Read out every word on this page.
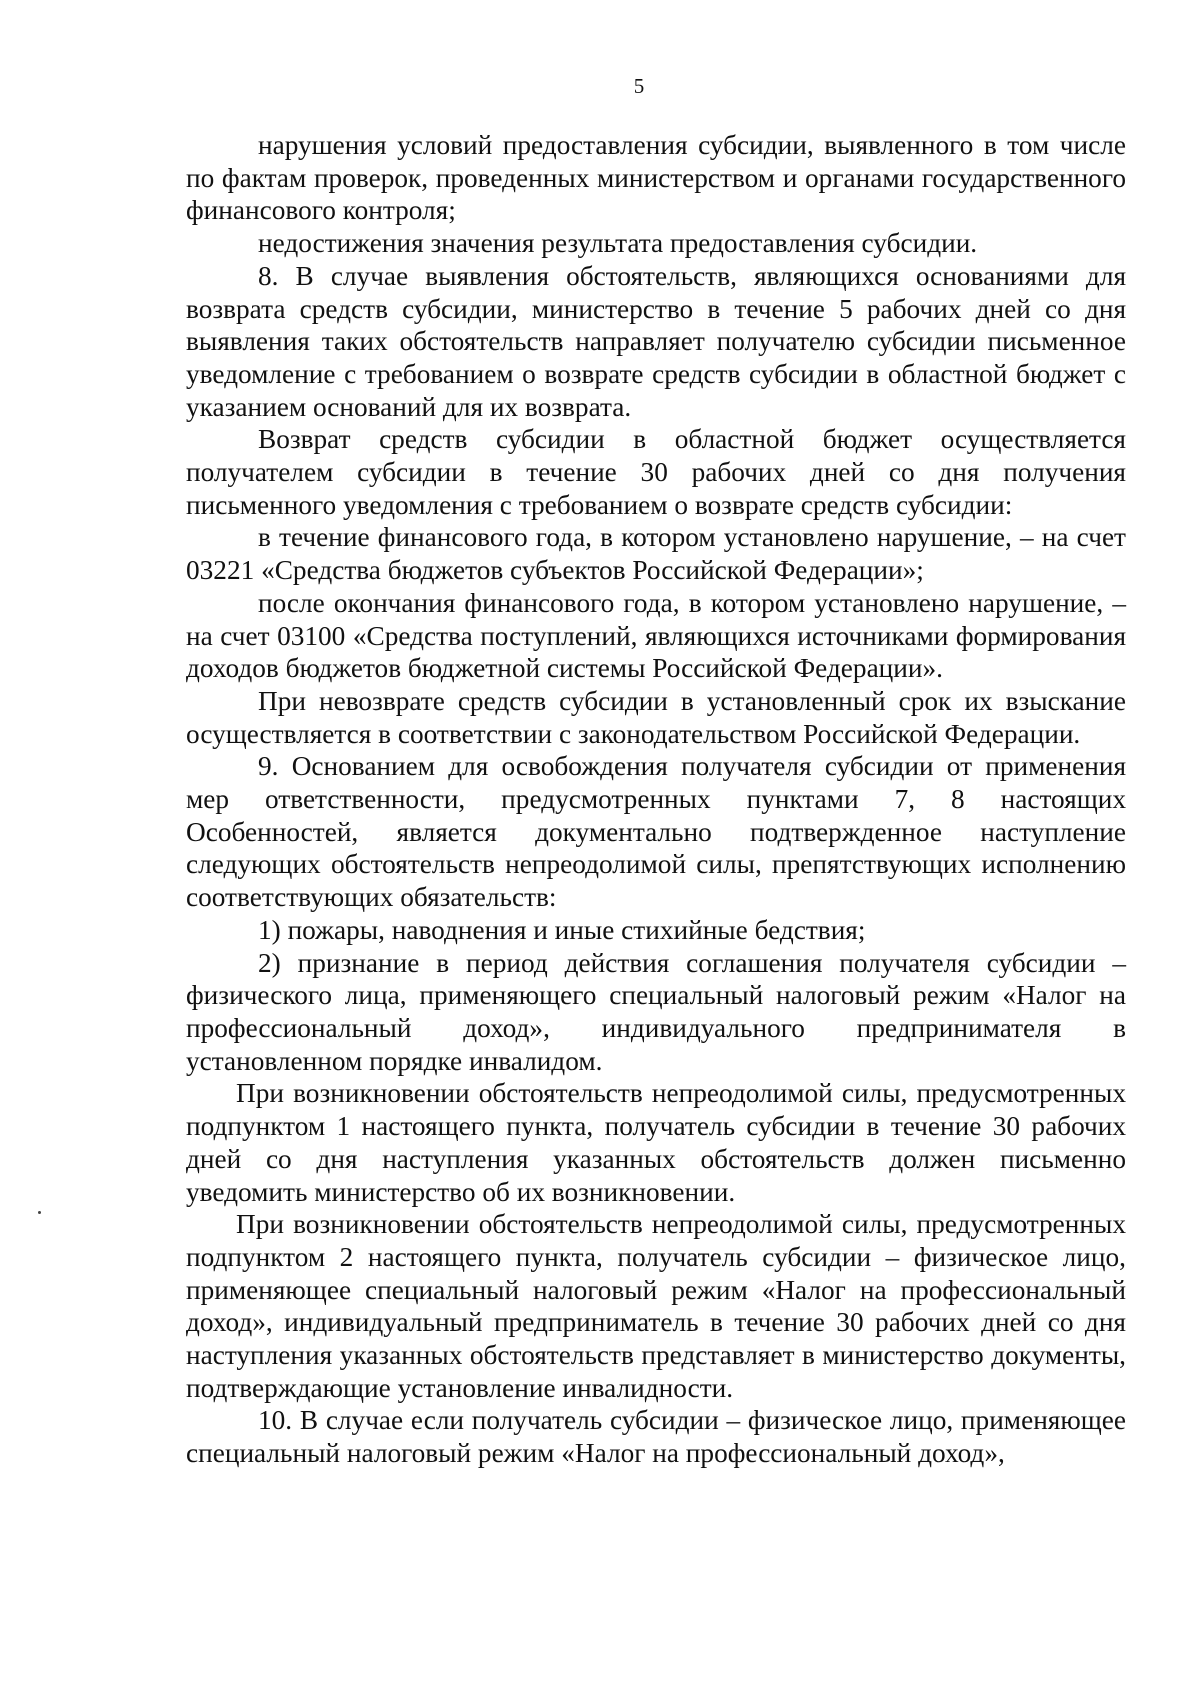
5

нарушения условий предоставления субсидии, выявленного в том числе по фактам проверок, проведенных министерством и органами государственного финансового контроля;

недостижения значения результата предоставления субсидии.

8. В случае выявления обстоятельств, являющихся основаниями для возврата средств субсидии, министерство в течение 5 рабочих дней со дня выявления таких обстоятельств направляет получателю субсидии письменное уведомление с требованием о возврате средств субсидии в областной бюджет с указанием оснований для их возврата.

Возврат средств субсидии в областной бюджет осуществляется получателем субсидии в течение 30 рабочих дней со дня получения письменного уведомления с требованием о возврате средств субсидии:

в течение финансового года, в котором установлено нарушение, – на счет 03221 «Средства бюджетов субъектов Российской Федерации»;

после окончания финансового года, в котором установлено нарушение, – на счет 03100 «Средства поступлений, являющихся источниками формирования доходов бюджетов бюджетной системы Российской Федерации».

При невозврате средств субсидии в установленный срок их взыскание осуществляется в соответствии с законодательством Российской Федерации.

9. Основанием для освобождения получателя субсидии от применения мер ответственности, предусмотренных пунктами 7, 8 настоящих Особенностей, является документально подтвержденное наступление следующих обстоятельств непреодолимой силы, препятствующих исполнению соответствующих обязательств:

1) пожары, наводнения и иные стихийные бедствия;

2) признание в период действия соглашения получателя субсидии – физического лица, применяющего специальный налоговый режим «Налог на профессиональный доход», индивидуального предпринимателя в установленном порядке инвалидом.

При возникновении обстоятельств непреодолимой силы, предусмотренных подпунктом 1 настоящего пункта, получатель субсидии в течение 30 рабочих дней со дня наступления указанных обстоятельств должен письменно уведомить министерство об их возникновении.

При возникновении обстоятельств непреодолимой силы, предусмотренных подпунктом 2 настоящего пункта, получатель субсидии – физическое лицо, применяющее специальный налоговый режим «Налог на профессиональный доход», индивидуальный предприниматель в течение 30 рабочих дней со дня наступления указанных обстоятельств представляет в министерство документы, подтверждающие установление инвалидности.

10. В случае если получатель субсидии – физическое лицо, применяющее специальный налоговый режим «Налог на профессиональный доход»,
